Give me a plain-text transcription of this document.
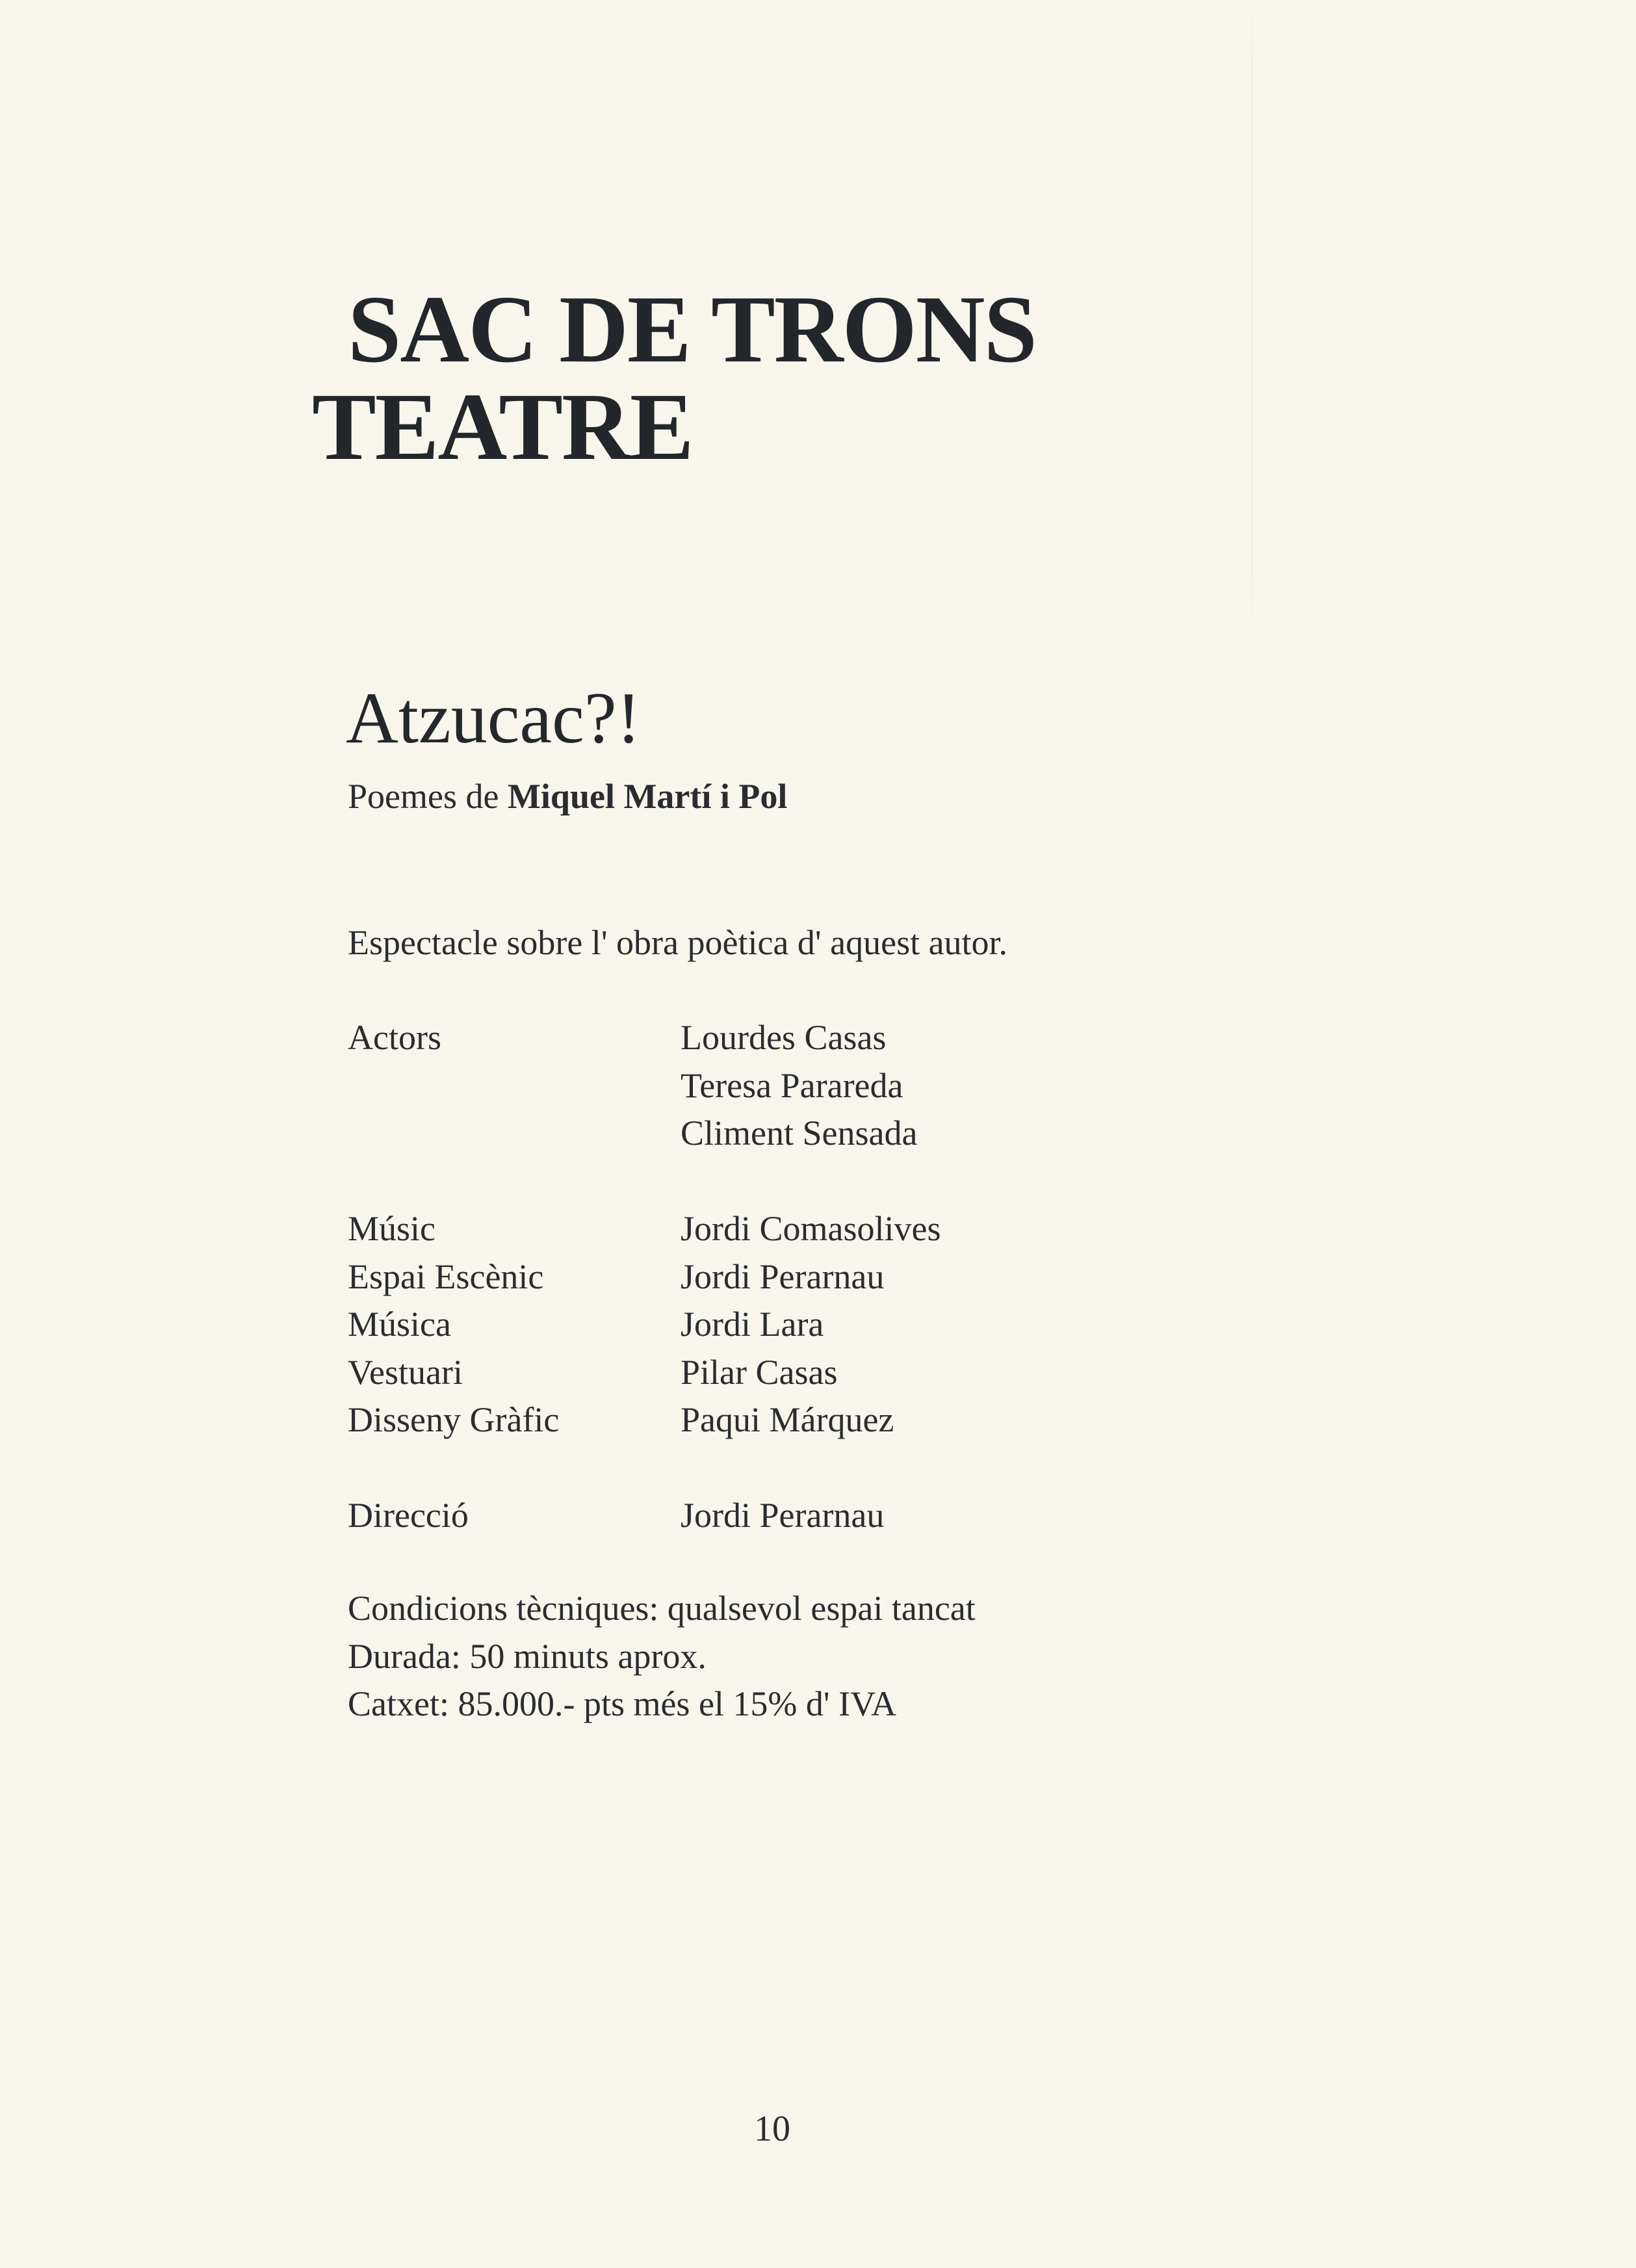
SAC DE TRONS
TEATRE
Atzucac?!
Poemes de Miquel Martí i Pol
Espectacle sobre l' obra poètica d' aquest autor.
Actors	Lourdes Casas
Teresa Parareda
Climent Sensada
Músic	Jordi Comasolives
Espai Escènic	Jordi Perarnau
Música	Jordi Lara
Vestuari	Pilar Casas
Disseny Gràfic	Paqui Márquez
Direcció	Jordi Perarnau
Condicions tècniques: qualsevol espai tancat
Durada: 50 minuts aprox.
Catxet: 85.000.- pts més el 15% d' IVA
10
